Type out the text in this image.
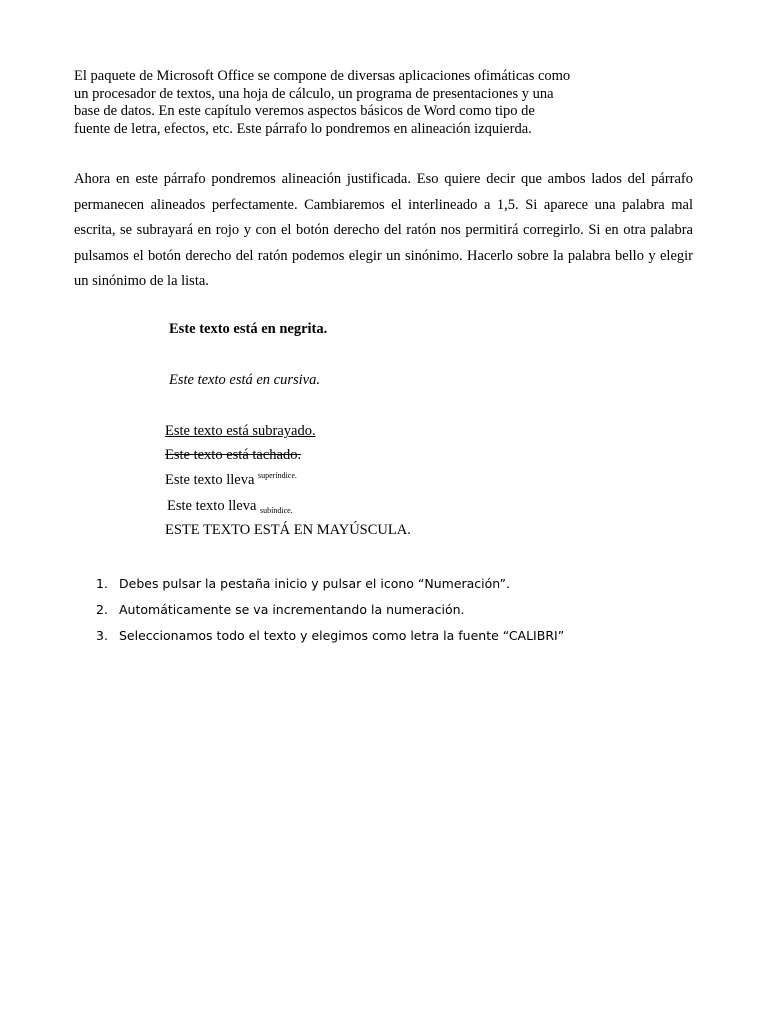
El paquete de Microsoft Office se compone de diversas aplicaciones ofimáticas como
un procesador de textos, una hoja de cálculo, un programa de presentaciones y una
base de datos. En este capítulo veremos aspectos básicos de Word como tipo de
fuente de letra, efectos, etc. Este párrafo lo pondremos en alineación izquierda.

Ahora en este párrafo pondremos alineación justificada. Eso quiere decir que ambos lados del párrafo permanecen alineados perfectamente. Cambiaremos el interlineado a 1,5. Si aparece una palabra mal escrita, se subrayará en rojo y con el botón derecho del ratón nos permitirá corregirlo. Si en otra palabra pulsamos el botón derecho del ratón podemos elegir un sinónimo. Hacerlo sobre la palabra bello y elegir un sinónimo de la lista.

Este texto está en negrita.

Este texto está en cursiva.

Este texto está subrayado.

Este texto está tachado.

Este texto lleva $^{superíndice.}$

Este texto lleva $_{subíndice.}$

ESTE TEXTO ESTÁ EN MAYÚSCULA.

1. Debes pulsar la pestaña inicio y pulsar el icono “Numeración”.
2. Automáticamente se va incrementando la numeración.
3. Seleccionamos todo el texto y elegimos como letra la fuente “CALIBRI”
